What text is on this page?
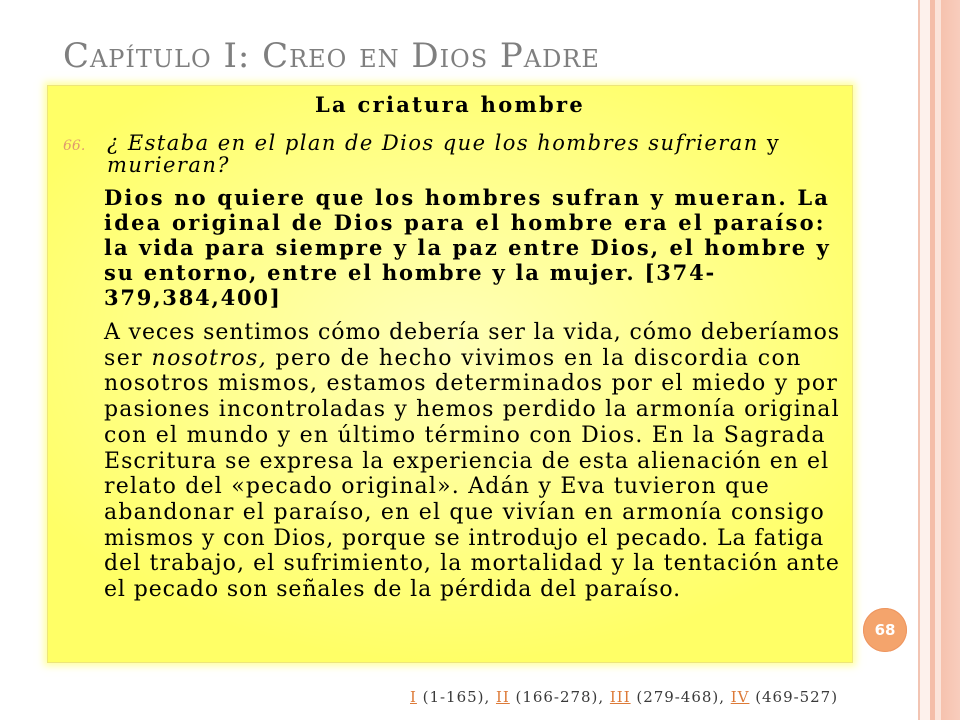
Capítulo I: Creo en Dios Padre
La criatura hombre
66. ¿ Estaba en el plan de Dios que los hombres sufrieran y
murieran?
Dios no quiere que los hombres sufran y mueran. La
idea original de Dios para el hombre era el paraíso:
la vida para siempre y la paz entre Dios, el hombre y
su entorno, entre el hombre y la mujer. [374-
379,384,400]
A veces sentimos cómo debería ser la vida, cómo deberíamos
ser nosotros, pero de hecho vivimos en la discordia con
nosotros mismos, estamos determinados por el miedo y por
pasiones incontroladas y hemos perdido la armonía original
con el mundo y en último término con Dios. En la Sagrada
Escritura se expresa la experiencia de esta alienación en el
relato del «pecado original». Adán y Eva tuvieron que
abandonar el paraíso, en el que vivían en armonía consigo
mismos y con Dios, porque se introdujo el pecado. La fatiga
del trabajo, el sufrimiento, la mortalidad y la tentación ante
el pecado son señales de la pérdida del paraíso.
68
I (1-165), II (166-278), III (279-468), IV (469-527)
